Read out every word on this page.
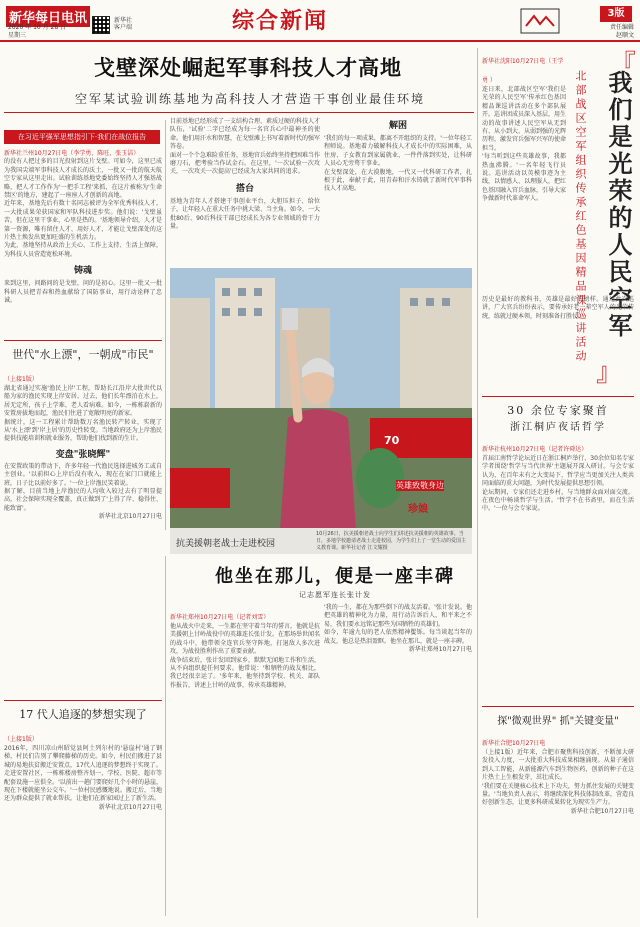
新华每日电讯
2020 年 10 月 28 日
星期三
新华社
客户端	综合新闻	3版
责任编辑
赵顺文
戈壁深处崛起军事科技人才高地
空军某试验训练基地为高科技人才营造干事创业最佳环境
在习近平强军思想指引下·我们在战位报告
新华社兰州10月27日电（李学勇、陈旺、张玉洁）

的没有人把过多的目光投射到这片戈壁。可如今，这里已成为我国尖端军事科技人才成长的沃土，一批又一批的航天航空专家从这里走出。试验训练基地党委始终坚持人才强基战略，把人才工作作为'一把手工程'来抓，在这片被称为'生命禁区'的地方，建起了一座座人才创新的高地。

近年来，基地先后有数十名同志被评为全军优秀科技人才，一大批成果荣获国家和军队科技进步奖。他们说：'戈壁虽苦，但在这里干事业，心里是热的。'基地领导介绍，人才是第一资源，唯有留住人才、用好人才，才能让戈壁深处的这片热土焕发出更加旺盛的生机活力。

为此，基地坚持从政治上关心、工作上支持、生活上保障，为科技人员营造宽松环境。

铸魂

来到这里，问路问的是戈壁，问的是初心。这里一批又一批科研人员把青春和热血献给了国防事业，用行动诠释了忠诚。

目前基地已经形成了一支结构合理、素质过硬的科技人才队伍，'试验'二字已经成为每一名官兵心中最神圣的使命。他们用汗水和智慧，在戈壁滩上书写着新时代的强军答卷。

面对一个个急难险重任务，基地官兵始终坚持把困难当作磨刀石，把考验当作试金石。在这里，'一次试验一次攻关，一次攻关一次提高'已经成为大家共同的追求。

搭台

基地为青年人才搭建干事创业平台，大胆压担子、给位子，让年轻人在重大任务中挑大梁、当主角。如今，一大批80后、90后科技干部已经成长为各专业领域的骨干力量。

解困

'我们的每一项成果，都离不开组织的支持。'一位年轻工程师说。基地着力破解科技人才成长中的实际困难，从住房、子女教育到家属就业，一件件落到实处，让科研人员心无旁骛干事业。

在戈壁深处，在大漠腹地，一代又一代科研工作者，扎根于此，奉献于此，用青春和汗水铸就了新时代军事科技人才高地。

70
英雄致敬身边
珍娘
抗美援朝老战士走进校园
10月26日，抗美援朝老战士向学生们讲述抗美援朝的英雄故事。当日，多地学校邀请老战士走进校园，为学生们上了一堂生动的爱国主义教育课。新华社记者 江文耀摄
世代"水上漂"，一朝成"市民"
（上接1版）

湖北省通过实施'渔民上岸'工程，帮助长江沿岸大批世代以船为家的渔民实现上岸安居。过去，他们长年漂泊在水上，居无定所，孩子上学难、老人看病难。如今，一栋栋崭新的安置房拔地而起，渔民们住进了宽敞明亮的新家。

据统计，这一工程累计帮助数万名渔民转产转业，实现了从'水上漂'到'岸上居'的历史性转变。当地政府还为上岸渔民提供技能培训和就业服务，帮助他们找到新的生计。

变盘"张晓辉"

在安置政策的带动下，许多年轻一代渔民选择进城务工或自主创业。'以前担心上岸后没有收入，现在在家门口就能上班，日子比以前好多了。'一位上岸渔民笑着说。

据了解，目前当地上岸渔民的人均收入较过去有了明显提高，社会保障实现全覆盖，真正做到了'上得了岸、稳得住、能致富'。

新华社北京10月27日电
17 代人追逐的梦想实现了
（上接1版）

2016年，四川凉山州昭觉县阿土列尔村的'悬崖村'通了钢梯，村民们告别了攀爬藤梯的历史。如今，村民们搬进了县城的易地扶贫搬迁安置点，17代人追逐的梦想终于实现了。

走进安置社区，一栋栋楼房整齐划一，学校、医院、超市等配套设施一应俱全。'以前出一趟门要爬好几个小时的悬崖，现在下楼就能坐公交车。'一位村民感慨地说。搬迁后，当地还为群众提供了就业帮扶，让他们在新家园过上了新生活。

新华社北京10月27日电
他坐在那儿，便是一座丰碑
记志愿军连长张计发
新华社郑州10月27日电（记者刘雪）

他从战火中走来，一生都在坚守着当年的誓言。他就是抗美援朝上甘岭战役中的英雄连长张计发。在那场举世闻名的战斗中，他带领全连官兵坚守阵地，打退敌人多次进攻，为战役胜利作出了重要贡献。

战争结束后，张计发回到家乡，默默无闻地工作和生活，从不向组织提任何要求。他常说：'和牺牲的战友相比，我已经很幸运了。'多年来，他坚持到学校、机关、部队作报告，讲述上甘岭的故事，传承英雄精神。

'我的一生，都在为那些倒下的战友活着。'张计发说。他把英雄的精神化为力量，用行动告诉后人，和平来之不易，我们要永远铭记那些为国牺牲的英雄们。

如今，年逾九旬的老人依然精神矍铄。每当谈起当年的战友，他总是热泪盈眶。他坐在那儿，就是一座丰碑。

新华社郑州10月27日电
『
我们是光荣的人民空军
』
北部战区空军组织传承红色基因精品课巡讲活动
新华社沈阳10月27日电（王学勇 ）

连日来，北部战区空军'我们是光荣的人民空军'传承红色基因精品课巡讲活动在多个部队展开。巡讲团成员深入基层，用生动的故事讲述人民空军从无到有、从小到大、从弱到强的光辉历程，激发官兵强军兴军的使命担当。

'每当听到这些英雄故事，我都热血沸腾。'一名年轻飞行员说。巡讲活动以英模事迹为主线，以情感人、以理服人，把红色基因融入官兵血脉，引导大家争做新时代革命军人。

历史是最好的教科书，英雄是最好的榜样。通过此次巡讲，广大官兵纷纷表示，要传承好老一辈空军人的光荣传统，练就过硬本领，时刻准备打胜仗。

30 余位专家聚首
浙江桐庐夜话哲学
新华社杭州10月27日电（记者许舜达）

首届江南哲学论坛近日在浙江桐庐举行，30余位知名专家学者围绕'哲学与当代世界'主题展开深入研讨。与会专家认为，在百年未有之大变局下，哲学应当更加关注人类共同面临的重大问题，为时代发展提供思想引领。

论坛期间，专家们还走进乡村，与当地群众面对面交流，在夜色中畅谈哲学与生活。'哲学不在书斋里，而在生活中。'一位与会专家说。

探"微观世界" 抓"关键变量"
新华社合肥10月27日电

（上接1版）近年来，合肥市聚焦科技创新，不断加大研发投入力度，一大批重大科技成果相继涌现。从量子通信到人工智能，从新能源汽车到生物医药，创新的种子在这片热土上生根发芽、茁壮成长。

'我们要在关键核心技术上下功夫，努力抓住发展的关键变量。'当地负责人表示，将继续深化科技体制改革，营造良好创新生态，让更多科研成果转化为现实生产力。

新华社合肥10月27日电
